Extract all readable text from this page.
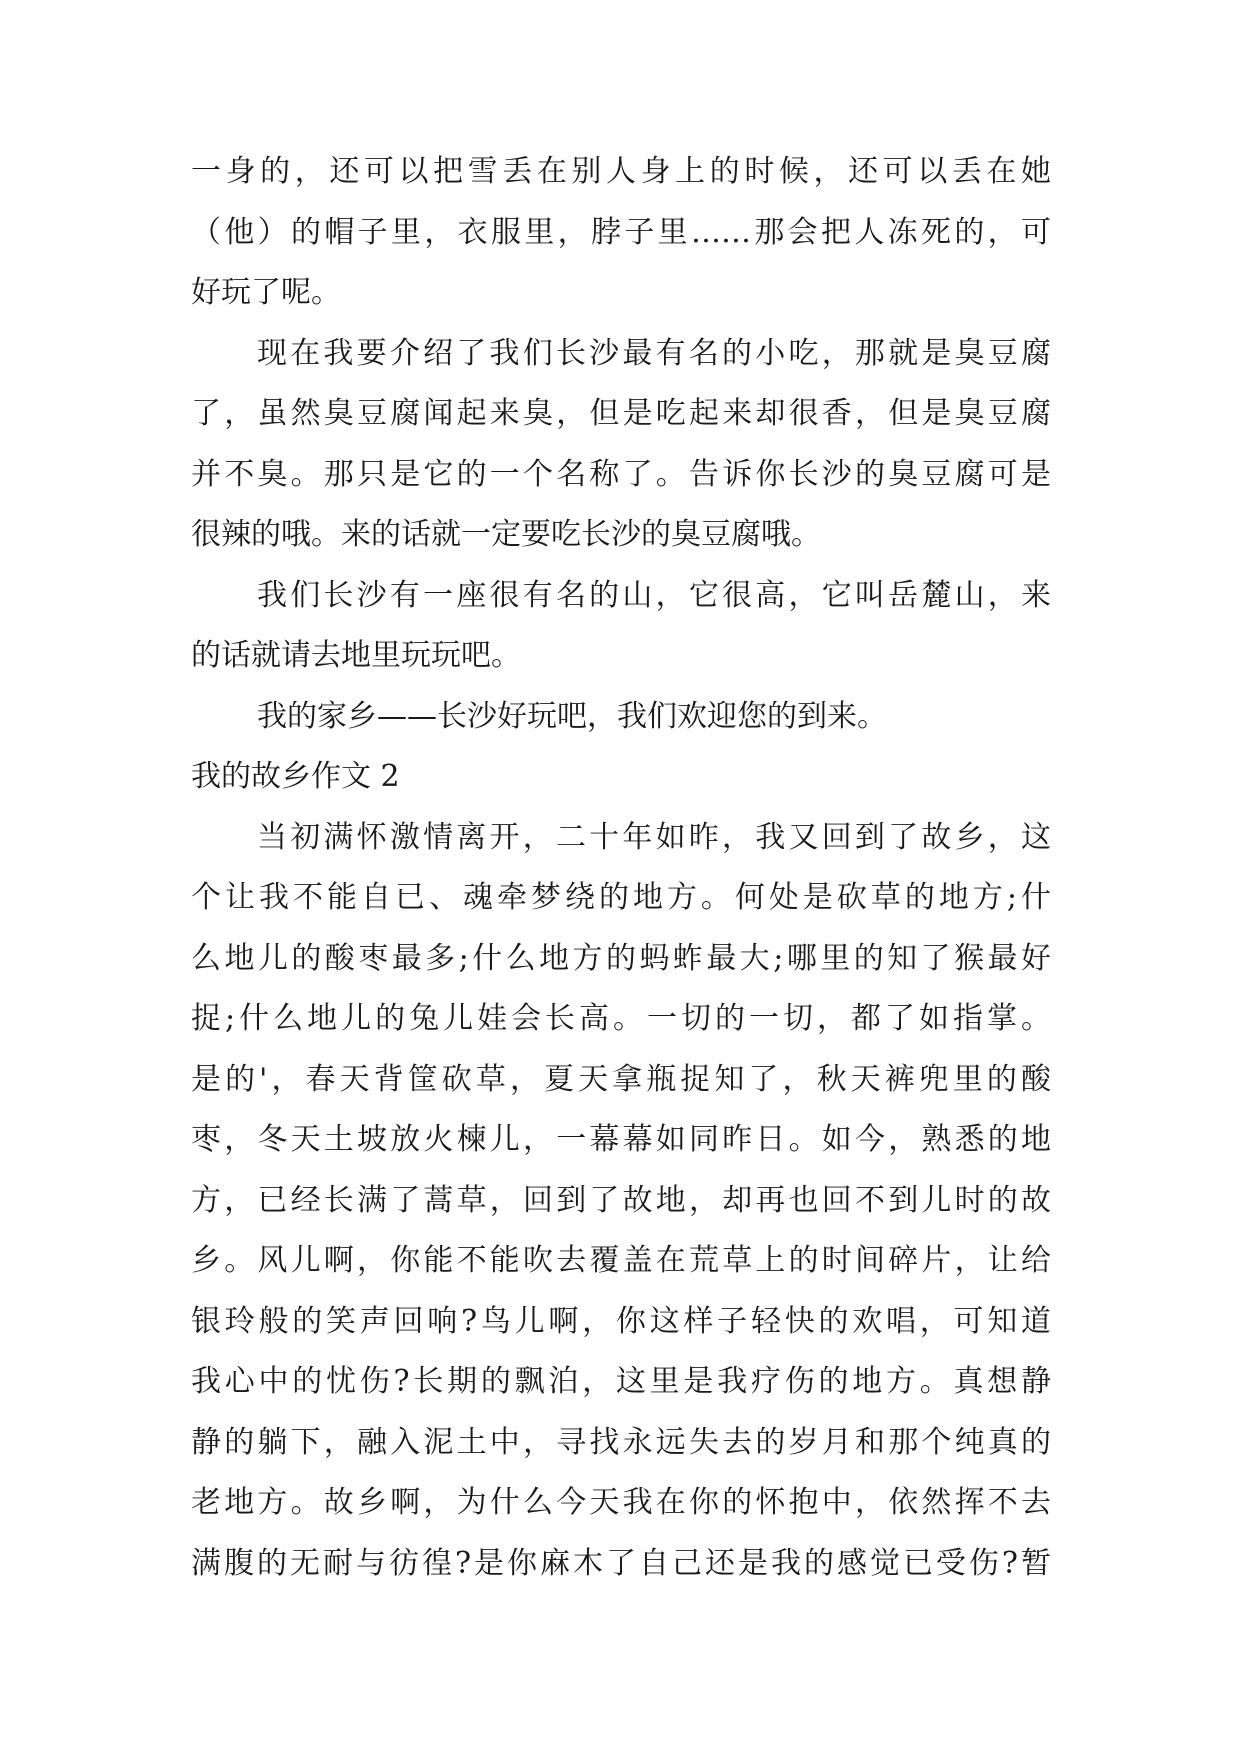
一身的，还可以把雪丢在别人身上的时候，还可以丢在她
（他）的帽子里，衣服里，脖子里……那会把人冻死的，可
好玩了呢。
现在我要介绍了我们长沙最有名的小吃，那就是臭豆腐
了，虽然臭豆腐闻起来臭，但是吃起来却很香，但是臭豆腐
并不臭。那只是它的一个名称了。告诉你长沙的臭豆腐可是
很辣的哦。来的话就一定要吃长沙的臭豆腐哦。
我们长沙有一座很有名的山，它很高，它叫岳麓山，来
的话就请去地里玩玩吧。
我的家乡——长沙好玩吧，我们欢迎您的到来。
我的故乡作文 2
当初满怀激情离开，二十年如昨，我又回到了故乡，这
个让我不能自已、魂牵梦绕的地方。何处是砍草的地方;什
么地儿的酸枣最多;什么地方的蚂蚱最大;哪里的知了猴最好
捉;什么地儿的兔儿娃会长高。一切的一切，都了如指掌。
是的'，春天背筐砍草，夏天拿瓶捉知了，秋天裤兜里的酸
枣，冬天土坡放火楝儿，一幕幕如同昨日。如今，熟悉的地
方，已经长满了蒿草，回到了故地，却再也回不到儿时的故
乡。风儿啊，你能不能吹去覆盖在荒草上的时间碎片，让给
银玲般的笑声回响?鸟儿啊，你这样子轻快的欢唱，可知道
我心中的忧伤?长期的飘泊，这里是我疗伤的地方。真想静
静的躺下，融入泥土中，寻找永远失去的岁月和那个纯真的
老地方。故乡啊，为什么今天我在你的怀抱中，依然挥不去
满腹的无耐与彷徨?是你麻木了自己还是我的感觉已受伤?暂
